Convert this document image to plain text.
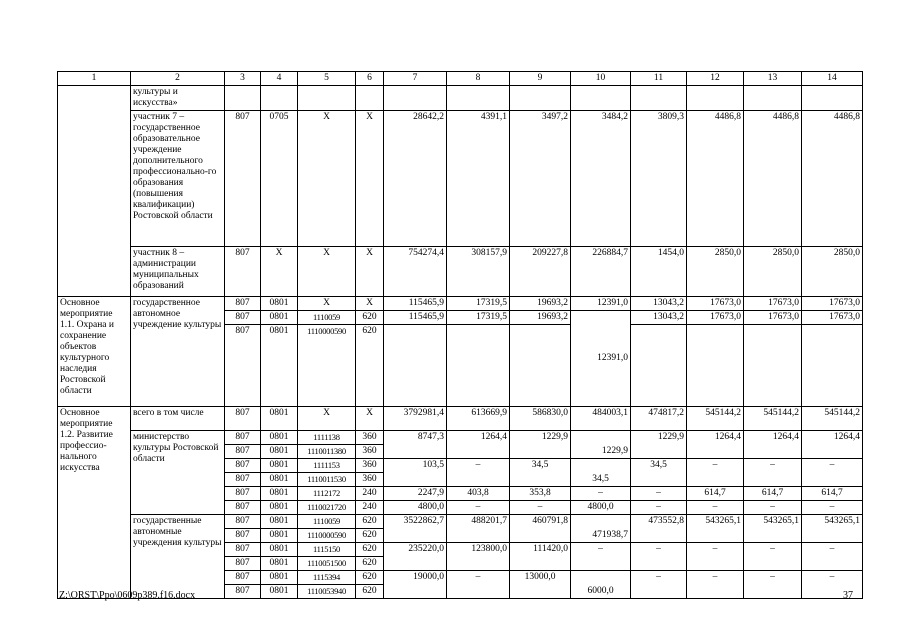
1	2	3	4	5	6	7	8	9	10	11	12	13	14
	культуры и искусства»												
	участник 7 – государственное образовательное учреждение дополнительного профессионально-го образования (повышения квалификации) Ростовской области	807	0705	Х	Х	28642,2	4391,1	3497,2	3484,2	3809,3	4486,8	4486,8	4486,8
	участник 8 – администрации муниципальных образований	807	Х	Х	Х	754274,4	308157,9	209227,8	226884,7	1454,0	2850,0	2850,0	2850,0
Основное мероприятие 1.1. Охрана и сохранение объектов культурного наследия Ростовской области	государственное автономное учреждение культуры	807	0801	Х	Х	115465,9	17319,5	19693,2	12391,0	13043,2	17673,0	17673,0	17673,0
		807	0801	1110059	620	115465,9	17319,5	19693,2	12391,0	13043,2	17673,0	17673,0	17673,0
		807	0801	1110000590	620								
Основное мероприятие 1.2. Развитие профессио-нального искусства	всего в том числе	807	0801	Х	Х	3792981,4	613669,9	586830,0	484003,1	474817,2	545144,2	545144,2	545144,2
	министерство культуры Ростовской области	807	0801	1111138	360	8747,3	1264,4	1229,9	1229,9	1229,9	1264,4	1264,4	1264,4
		807	0801	1110011380	360								
		807	0801	1111153	360	103,5	–	34,5	34,5	34,5	–	–	–
		807	0801	1110011530	360								
		807	0801	1112172	240	2247,9	403,8	353,8	–	–	614,7	614,7	614,7
		807	0801	1110021720	240	4800,0	–	–	4800,0	–	–	–	–
	государственные автономные учреждения культуры	807	0801	1110059	620	3522862,7	488201,7	460791,8	471938,7	473552,8	543265,1	543265,1	543265,1
		807	0801	1110000590	620								
		807	0801	1115150	620	235220,0	123800,0	111420,0	–	–	–	–	–
		807	0801	1110051500	620								
		807	0801	1115394	620	19000,0	–	13000,0	6000,0	–	–	–	–
		807	0801	1110053940	620								
Z:\ORST\Ppo\0609p389.f16.docx	37
